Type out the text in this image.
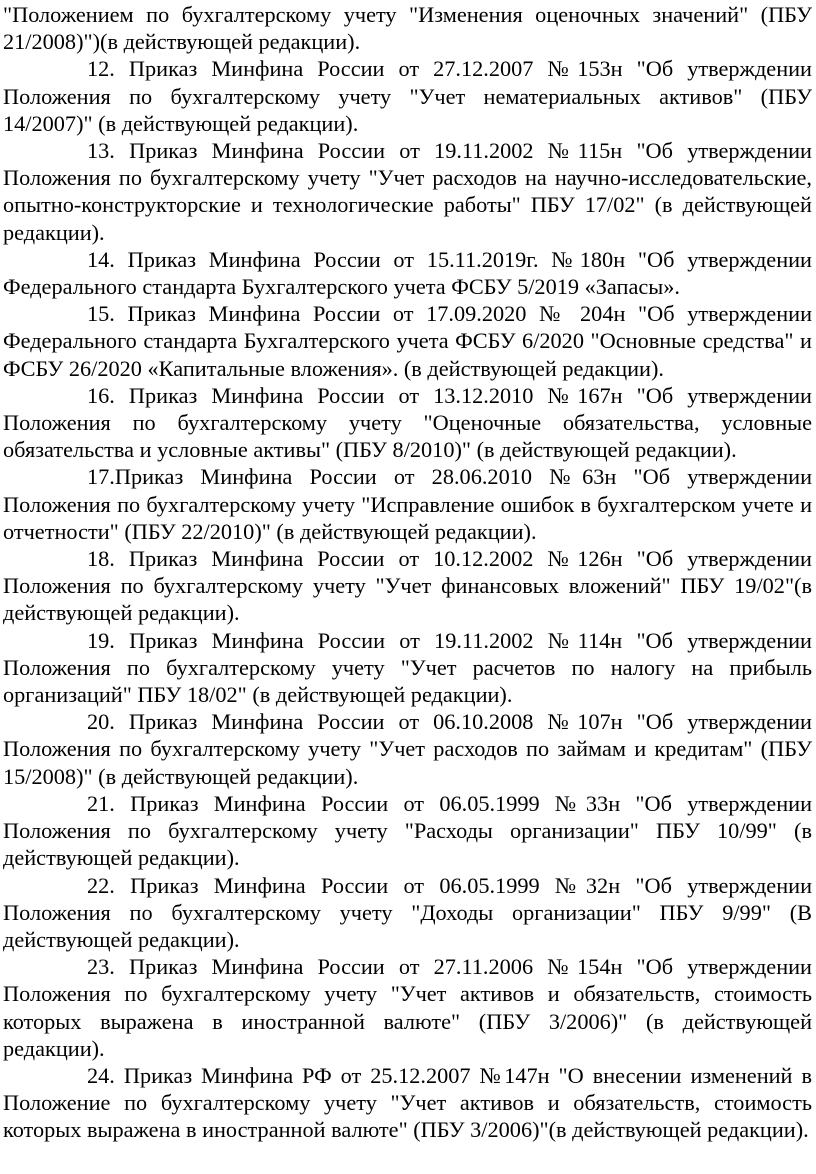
"Положением по бухгалтерскому учету "Изменения оценочных значений" (ПБУ 21/2008)")(в действующей редакции).

12. Приказ Минфина России от 27.12.2007 №153н "Об утверждении Положения по бухгалтерскому учету "Учет нематериальных активов" (ПБУ 14/2007)" (в действующей редакции).

13. Приказ Минфина России от 19.11.2002 №115н "Об утверждении Положения по бухгалтерскому учету "Учет расходов на научно-исследовательские, опытно-конструкторские и технологические работы" ПБУ 17/02" (в действующей редакции).

14. Приказ Минфина России от 15.11.2019г. №180н "Об утверждении Федерального стандарта Бухгалтерского учета ФСБУ 5/2019 «Запасы».

15. Приказ Минфина России от 17.09.2020 № 204н "Об утверждении Федерального стандарта Бухгалтерского учета ФСБУ 6/2020 "Основные средства" и ФСБУ 26/2020 «Капитальные вложения». (в действующей редакции).

16. Приказ Минфина России от 13.12.2010 №167н "Об утверждении Положения по бухгалтерскому учету "Оценочные обязательства, условные обязательства и условные активы" (ПБУ 8/2010)" (в действующей редакции).

17.Приказ Минфина России от 28.06.2010 №63н "Об утверждении Положения по бухгалтерскому учету "Исправление ошибок в бухгалтерском учете и отчетности" (ПБУ 22/2010)" (в действующей редакции).

18. Приказ Минфина России от 10.12.2002 №126н "Об утверждении Положения по бухгалтерскому учету "Учет финансовых вложений" ПБУ 19/02"(в действующей редакции).

19. Приказ Минфина России от 19.11.2002 №114н "Об утверждении Положения по бухгалтерскому учету "Учет расчетов по налогу на прибыль организаций" ПБУ 18/02" (в действующей редакции).

20. Приказ Минфина России от 06.10.2008 №107н "Об утверждении Положения по бухгалтерскому учету "Учет расходов по займам и кредитам" (ПБУ 15/2008)" (в действующей редакции).

21. Приказ Минфина России от 06.05.1999 №33н "Об утверждении Положения по бухгалтерскому учету "Расходы организации" ПБУ 10/99" (в действующей редакции).

22. Приказ Минфина России от 06.05.1999 №32н "Об утверждении Положения по бухгалтерскому учету "Доходы организации" ПБУ 9/99" (В действующей редакции).

23. Приказ Минфина России от 27.11.2006 №154н "Об утверждении Положения по бухгалтерскому учету "Учет активов и обязательств, стоимость которых выражена в иностранной валюте" (ПБУ 3/2006)" (в действующей редакции).

24. Приказ Минфина РФ от 25.12.2007 №147н "О внесении изменений в Положение по бухгалтерскому учету "Учет активов и обязательств, стоимость которых выражена в иностранной валюте" (ПБУ 3/2006)"(в действующей редакции).
